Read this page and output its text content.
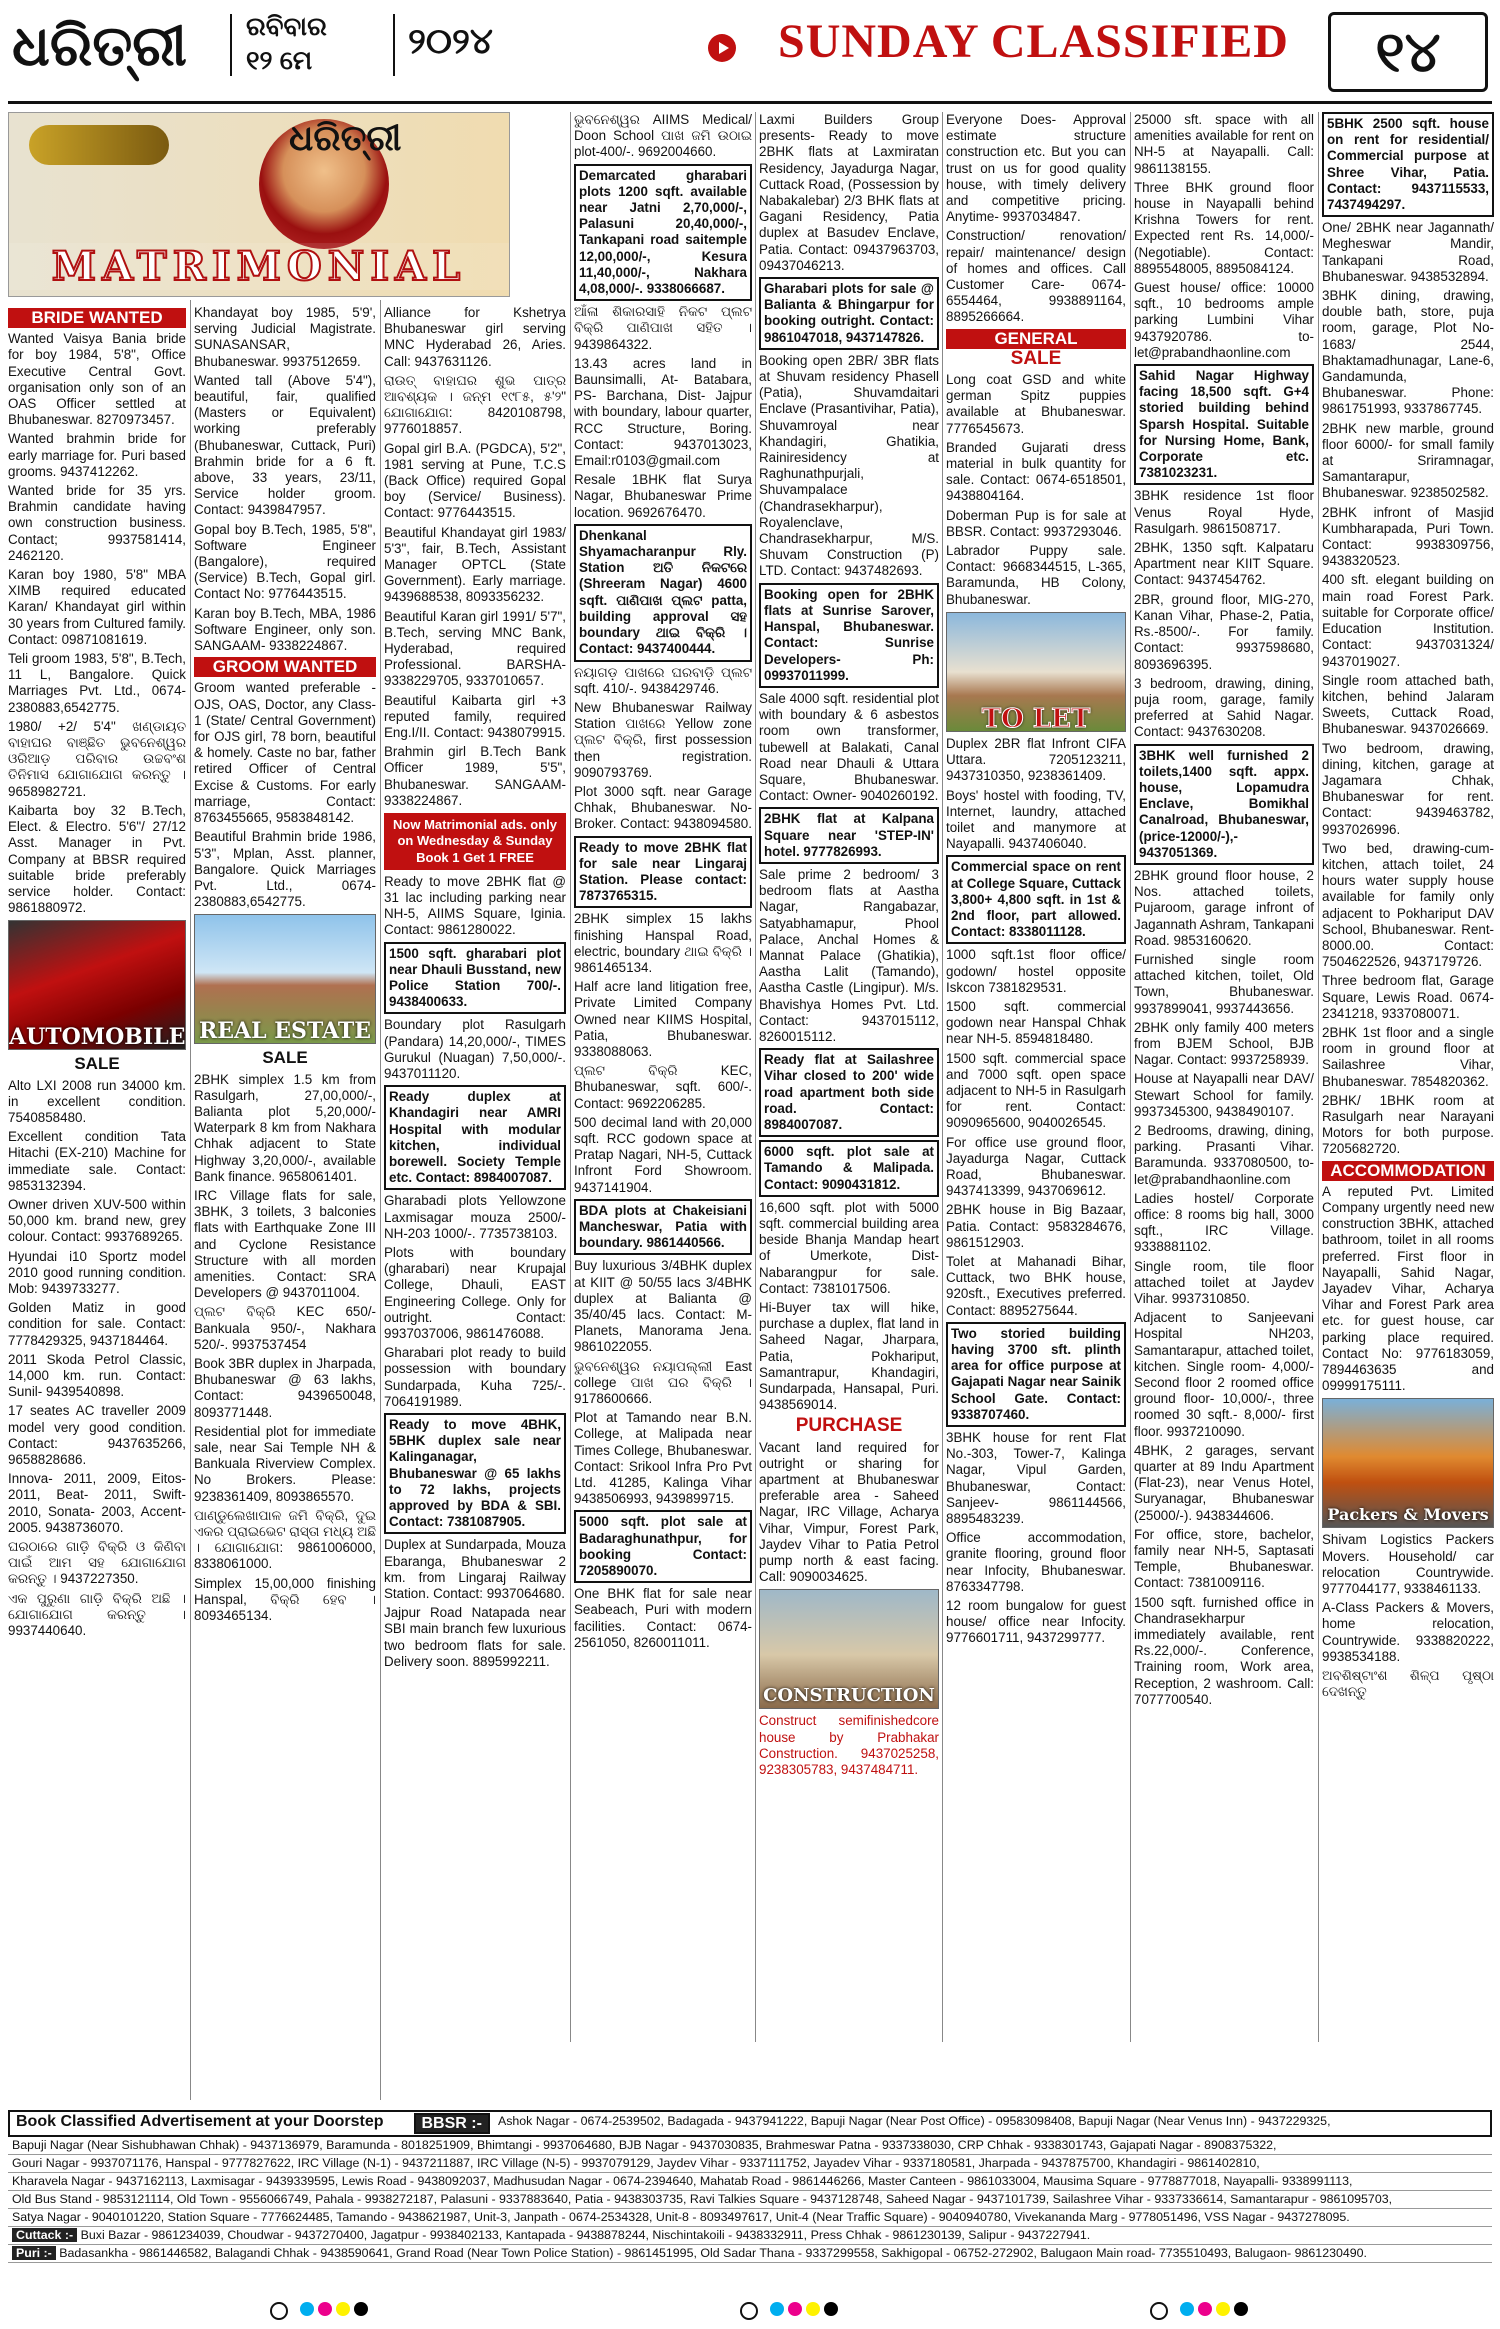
ଧରିତ୍ରୀ ରବିବାର
୧୨ ମେ	୨୦୨୪	SUNDAY CLASSIFIED	୧୪
ଧରିତ୍ରୀ
MATRIMONIAL
BRIDE WANTED

Wanted Vaisya Bania bride for boy 1984, 5'8", Office Executive Central Govt. organisation only son of an OAS Officer settled at Bhubaneswar. 8270973457.

Wanted brahmin bride for early marriage for. Puri based grooms. 9437412262.

Wanted bride for 35 yrs. Brahmin candidate having own construction business. Contact; 9937581414, 2462120.

Karan boy 1980, 5'8" MBA XIMB required educated Karan/ Khandayat girl within 30 years from Cultured family. Contact: 09871081619.

Teli groom 1983, 5'8", B.Tech, 11 L, Bangalore. Quick Marriages Pvt. Ltd., 0674-2380883,6542775.

1980/ +2/ 5'4" ଖଣ୍ଡାୟତ ବାହାଘର ବାଞ୍ଛିତ ଭୁବନେଶ୍ୱର ଓରିଆଡ଼ ପରିବାର ଉଚ୍ଚବଂଶ ତିନିମାସ ଯୋଗାଯୋଗ କରନ୍ତୁ । 9658982721.

Kaibarta boy 32 B.Tech, Elect. & Electro. 5'6"/ 27/12 Asst. Manager in Pvt. Company at BBSR required suitable bride preferably service holder. Contact: 9861880972.

AUTOMOBILE
SALE

Alto LXI 2008 run 34000 km. in excellent condition. 7540858480.

Excellent condition Tata Hitachi (EX-210) Machine for immediate sale. Contact: 9853132394.

Owner driven XUV-500 within 50,000 km. brand new, grey colour. Contact: 9937689265.

Hyundai i10 Sportz model 2010 good running condition. Mob: 9439733277.

Golden Matiz in good condition for sale. Contact: 7778429325, 9437184464.

2011 Skoda Petrol Classic, 14,000 km. run. Contact: Sunil- 9439540898.

17 seates AC traveller 2009 model very good condition. Contact: 9437635266, 9658828686.

Innova- 2011, 2009, Eitos- 2011, Beat- 2011, Swift- 2010, Sonata- 2003, Accent- 2005. 9438736070.

ଘରଠାରେ ଗାଡ଼ି ବିକ୍ରି ଓ କିଣିବା ପାଇଁ ଆମ ସହ ଯୋଗାଯୋଗ କରନ୍ତୁ । 9437227350.

ଏକ ପୁରୁଣା ଗାଡ଼ି ବିକ୍ରି ଅଛି । ଯୋଗାଯୋଗ କରନ୍ତୁ । 9937440640.

Khandayat boy 1985, 5'9', serving Judicial Magistrate. SUNASANSAR, Bhubaneswar. 9937512659.

Wanted tall (Above 5'4"), beautiful, fair, qualified (Masters or Equivalent) working preferably (Bhubaneswar, Cuttack, Puri) Brahmin bride for a 6 ft. above, 33 years, 23/11, Service holder groom. Contact: 9439847957.

Gopal boy B.Tech, 1985, 5'8", Software Engineer (Bangalore), required (Service) B.Tech, Gopal girl. Contact No: 9776443515.

Karan boy B.Tech, MBA, 1986 Software Engineer, only son. SANGAAM- 9338224867.

GROOM WANTED

Groom wanted preferable - OJS, OAS, Doctor, any Class-1 (State/ Central Government) for OJS girl, 78 born, beautiful & homely. Caste no bar, father retired Officer of Central Excise & Customs. For early marriage, Contact: 8763455665, 9583848142.

Beautiful Brahmin bride 1986, 5'3", Mplan, Asst. planner, Bangalore. Quick Marriages Pvt. Ltd., 0674-2380883,6542775.

REAL ESTATE
SALE

2BHK simplex 1.5 km from Rasulgarh, 27,00,000/-, Balianta plot 5,20,000/- Waterpark 8 km from Nakhara Chhak adjacent to State Highway 3,20,000/-, available Bank finance. 9658061401.

IRC Village flats for sale, 3BHK, 3 toilets, 3 balconies flats with Earthquake Zone III and Cyclone Resistance Structure with all morden amenities. Contact: SRA Developers @ 9437011004.

ପ୍ଲଟ ବିକ୍ରି KEC 650/- Bankuala 950/-, Nakhara 520/-. 9937537454

Book 3BR duplex in Jharpada, Bhubaneswar @ 63 lakhs, Contact: 9439650048, 8093771448.

Residential plot for immediate sale, near Sai Temple NH & Bankuala Riverview Complex. No Brokers. Please: 9238361409, 8093865570.

ପାଣ୍ଡୁଲେଖାପାଳ ଜମି ବିକ୍ରି, ଦୁଇ ଏକର ପ୍ରାଇଭେଟ ରାସ୍ତା ମଧ୍ୟ ଅଛି । ଯୋଗାଯୋଗ: 9861006000, 8338061000.

Simplex 15,00,000 finishing Hanspal, ବିକ୍ରି ହେବ । 8093465134.

Alliance for Kshetrya Bhubaneswar girl serving MNC Hyderabad 26, Aries. Call: 9437631126.

ରାଉତ୍‌ ବାହାଘର ଶୁଭ ପାତ୍ର ଆବଶ୍ୟକ । ଜନ୍ମ ୧୯୮୫, ୫'୨" ଯୋଗାଯୋଗ: 8420108798, 9776018857.

Gopal girl B.A. (PGDCA), 5'2", 1981 serving at Pune, T.C.S (Back Office) required Gopal boy (Service/ Business). Contact: 9776443515.

Beautiful Khandayat girl 1983/ 5'3", fair, B.Tech, Assistant Manager OPTCL (State Government). Early marriage. 9439688538, 8093356232.

Beautiful Karan girl 1991/ 5'7", B.Tech, serving MNC Bank, Hyderabad, required Professional. BARSHA- 9338229705, 9337010657.

Beautiful Kaibarta girl +3 reputed family, required Eng.I/II. Contact: 9438079915.

Brahmin girl B.Tech Bank Officer 1989, 5'5", Bhubaneswar. SANGAAM- 9338224867.

Now Matrimonial ads. only on Wednesday & Sunday Book 1 Get 1 FREE

Ready to move 2BHK flat @ 31 lac including parking near NH-5, AIIMS Square, Iginia. Contact: 9861280022.

1500 sqft. gharabari plot near Dhauli Busstand, new Police Station 700/-. 9438400633.

Boundary plot Rasulgarh (Pandara) 14,20,000/-, TIMES Gurukul (Nuagan) 7,50,000/-. 9437011120.

Ready duplex at Khandagiri near AMRI Hospital with modular kitchen, individual borewell. Society Temple etc. Contact: 8984007087.

Gharabadi plots Yellowzone Laxmisagar mouza 2500/- NH-203 1000/-. 7735738103.

Plots with boundary (gharabari) near Krupajal College, Dhauli, EAST Engineering College. Only for outright. Contact: 9937037006, 9861476088.

Gharabari plot ready to build possession with boundary Sundarpada, Kuha 725/-. 7064191989.

Ready to move 4BHK, 5BHK duplex sale near Kalinganagar, Bhubaneswar @ 65 lakhs to 72 lakhs, projects approved by BDA & SBI. Contact: 7381087905.

Duplex at Sundarpada, Mouza Ebaranga, Bhubaneswar 2 km. from Lingaraj Railway Station. Contact: 9937064680.

Jajpur Road Natapada near SBI main branch few luxurious two bedroom flats for sale. Delivery soon. 8895992211.

ଭୁବନେଶ୍ୱର AIIMS Medical/ Doon School ପାଖ ଜମି ଉଠାଇ plot-400/-. 9692004660.

Demarcated gharabari plots 1200 sqft. available near Jatni 2,70,000/-, Palasuni 20,40,000/-, Tankapani road saitemple 12,00,000/-, Kesura 11,40,000/-, Nakhara 4,08,000/-. 9338066687.

ଆଁଳା ଶିକାରସାହି ନିକଟ ପ୍ଲଟ ବିକ୍ରି ପାଣିପାଖ ସହିତ । 9439864322.

13.43 acres land in Baunsimalli, At- Batabara, PS- Barchana, Dist- Jajpur with boundary, labour quarter, RCC Structure, Boring. Contact: 9437013023, Email:r0103@gmail.com

Resale 1BHK flat Surya Nagar, Bhubaneswar Prime location. 9692676470.

Dhenkanal Shyamacharanpur Rly. Station ଅତି ନିକଟରେ (Shreeram Nagar) 4600 sqft. ପାଣିପାଖ ପ୍ଲଟ patta, building approval ସହ boundary ଥାଇ ବିକ୍ରି । Contact: 9437400444.

ନୟାଗଡ଼ ପାଖରେ ଘରବାଡ଼ି ପ୍ଲଟ sqft. 410/-. 9438429746.

New Bhubaneswar Railway Station ପାଖରେ Yellow zone ପ୍ଲଟ ବିକ୍ରି, first possession then registration. 9090793769.

Plot 3000 sqft. near Garage Chhak, Bhubaneswar. No- Broker. Contact: 9438094580.

Ready to move 2BHK flat for sale near Lingaraj Station. Please contact: 7873765315.

2BHK simplex 15 lakhs finishing Hanspal Road, electric, boundary ଥାଇ ବିକ୍ରି । 9861465134.

Half acre land litigation free, Private Limited Company Owned near KIIMS Hospital, Patia, Bhubaneswar. 9338088063.

ପ୍ଲଟ ବିକ୍ରି KEC, Bhubaneswar, sqft. 600/-. Contact: 9692206285.

500 decimal land with 20,000 sqft. RCC godown space at Pratap Nagari, NH-5, Cuttack Infront Ford Showroom. 9437141904.

BDA plots at Chakeisiani Mancheswar, Patia with boundary. 9861440566.

Buy luxurious 3/4BHK duplex at KIIT @ 50/55 lacs 3/4BHK duplex at Balianta @ 35/40/45 lacs. Contact: M-Planets, Manorama Jena. 9861022055.

ଭୁବନେଶ୍ୱର ନୟାପଲ୍ଲୀ East college ପାଖ ଘର ବିକ୍ରି । 9178600666.

Plot at Tamando near B.N. College, at Malipada near Times College, Bhubaneswar. Contact: Srikool Infra Pro Pvt Ltd. 41285, Kalinga Vihar 9438506993, 9439899715.

5000 sqft. plot sale at Badaraghunathpur, for booking Contact: 7205890070.

One BHK flat for sale near Seabeach, Puri with modern facilities. Contact: 0674-2561050, 8260011011.

Laxmi Builders Group presents- Ready to move 2BHK flats at Laxmiratan Residency, Jayadurga Nagar, Cuttack Road, (Possession by Nabakalebar) 2/3 BHK flats at Gagani Residency, Patia duplex at Basudev Enclave, Patia. Contact: 09437963703, 09437046213.

Gharabari plots for sale @ Balianta & Bhingarpur for booking outright. Contact: 9861047018, 9437147826.

Booking open 2BR/ 3BR flats at Shuvam residency Phasell (Patia), Shuvamdaitari Enclave (Prasantivihar, Patia), Shuvamroyal near Khandagiri, Ghatikia, Rainiresidency at Raghunathpurjali, Shuvampalace (Chandrasekharpur), Royalenclave, Chandrasekharpur, M/S. Shuvam Construction (P) LTD. Contact: 9437482693.

Booking open for 2BHK flats at Sunrise Sarover, Hanspal, Bhubaneswar. Contact: Sunrise Developers- Ph: 09937011999.

Sale 4000 sqft. residential plot with boundary & 6 asbestos room own transformer, tubewell at Balakati, Canal Road near Dhauli & Uttara Square, Bhubaneswar. Contact: Owner- 9040260192.

2BHK flat at Kalpana Square near 'STEP-IN' hotel. 9777826993.

Sale prime 2 bedroom/ 3 bedroom flats at Aastha Nagar, Rangabazar, Satyabhamapur, Phool Palace, Anchal Homes & Mannat Palace (Ghatikia), Aastha Lalit (Tamando), Aastha Castle (Lingipur). M/s. Bhavishya Homes Pvt. Ltd. Contact: 9437015112, 8260015112.

Ready flat at Sailashree Vihar closed to 200' wide road apartment both side road. Contact: 8984007087.

6000 sqft. plot sale at Tamando & Malipada. Contact: 9090431812.

16,600 sqft. plot with 5000 sqft. commercial building area beside Bhanja Mandap heart of Umerkote, Dist- Nabarangpur for sale. Contact: 7381017506.

Hi-Buyer tax will hike, purchase a duplex, flat land in Saheed Nagar, Jharpara, Patia, Pokhariput, Samantrapur, Khandagiri, Sundarpada, Hansapal, Puri. 9438569014.

PURCHASE

Vacant land required for outright or sharing for apartment at Bhubaneswar preferable area - Saheed Nagar, IRC Village, Acharya Vihar, Vimpur, Forest Park, Jaydev Vihar to Patia Petrol pump north & east facing. Call: 9090034625.

CONSTRUCTION

Construct semifinishedcore house by Prabhakar Construction. 9437025258, 9238305783, 9437484711.

Everyone Does- Approval estimate structure construction etc. But you can trust on us for good quality house, with timely delivery and competitive pricing. Anytime- 9937034847.

Construction/ renovation/ repair/ maintenance/ design of homes and offices. Call Customer Care- 0674-6554464, 9938891164, 8895266664.

GENERAL
SALE

Long coat GSD and white german Spitz puppies available at Bhubaneswar. 7776545673.

Branded Gujarati dress material in bulk quantity for sale. Contact: 0674-6518501, 9438804164.

Doberman Pup is for sale at BBSR. Contact: 9937293046.

Labrador Puppy sale. Contact: 9668344515, L-365, Baramunda, HB Colony, Bhubaneswar.

TO LET

Duplex 2BR flat Infront CIFA Uttara. 7205123211, 9437310350, 9238361409.

Boys' hostel with fooding, TV, Internet, laundry, attached toilet and manymore at Nayapalli. 9437406040.

Commercial space on rent at College Square, Cuttack 3,800+ 4,800 sqft. in 1st & 2nd floor, part allowed. Contact: 8338011128.

1000 sqft.1st floor office/ godown/ hostel opposite Iskcon 7381829531.

1500 sqft. commercial godown near Hanspal Chhak near NH-5. 8594818480.

1500 sqft. commercial space and 7000 sqft. open space adjacent to NH-5 in Rasulgarh for rent. Contact: 9090965600, 9040026545.

For office use ground floor, Jayadurga Nagar, Cuttack Road, Bhubaneswar. 9437413399, 9437069612.

2BHK house in Big Bazaar, Patia. Contact: 9583284676, 9861512903.

Tolet at Mahanadi Bihar, Cuttack, two BHK house, 920sft., Executives preferred. Contact: 8895275644.

Two storied building having 3700 sft. plinth area for office purpose at Gajapati Nagar near Sainik School Gate. Contact: 9338707460.

3BHK house for rent Flat No.-303, Tower-7, Kalinga Nagar, Vipul Garden, Bhubaneswar, Contact: Sanjeev- 9861144566, 8895483239.

Office accommodation, granite flooring, ground floor near Infocity, Bhubaneswar. 8763347798.

12 room bungalow for guest house/ office near Infocity. 9776601711, 9437299777.

25000 sft. space with all amenities available for rent on NH-5 at Nayapalli. Call: 9861138155.

Three BHK ground floor house in Nayapalli behind Krishna Towers for rent. Expected rent Rs. 14,000/- (Negotiable). Contact: 8895548005, 8895084124.

Guest house/ office: 10000 sqft., 10 bedrooms ample parking Lumbini Vihar 9437920786. to-let@prabandhaonline.com

Sahid Nagar Highway facing 18,500 sqft. G+4 storied building behind Sparsh Hospital. Suitable for Nursing Home, Bank, Corporate etc. 7381023231.

3BHK residence 1st floor Venus Royal Hyde, Rasulgarh. 9861508717.

2BHK, 1350 sqft. Kalpataru Apartment near KIIT Square. Contact: 9437454762.

2BR, ground floor, MIG-270, Kanan Vihar, Phase-2, Patia, Rs.-8500/-. For family. Contact: 9937598680, 8093696395.

3 bedroom, drawing, dining, puja room, garage, family preferred at Sahid Nagar. Contact: 9437630208.

3BHK well furnished 2 toilets,1400 sqft. appx. house, Lopamudra Enclave, Bomikhal Canalroad, Bhubaneswar, (price-12000/-),- 9437051369.

2BHK ground floor house, 2 Nos. attached toilets, Pujaroom, garage infront of Jagannath Ashram, Tankapani Road. 9853160620.

Furnished single room attached kitchen, toilet, Old Town, Bhubaneswar. 9937899041, 9937443656.

2BHK only family 400 meters from BJEM School, BJB Nagar. Contact: 9937258939.

House at Nayapalli near DAV/ Stewart School for family. 9937345300, 9438490107.

2 Bedrooms, drawing, dining, parking. Prasanti Vihar. Baramunda. 9337080500, to-let@prabandhaonline.com

Ladies hostel/ Corporate office: 8 rooms big hall, 3000 sqft., IRC Village. 9338881102.

Single room, tile floor attached toilet at Jaydev Vihar. 9937310850.

Adjacent to Sanjeevani Hospital NH203, Samantarapur, attached toilet, kitchen. Single room- 4,000/- Second floor 2 roomed office ground floor- 10,000/-, three roomed 30 sqft.- 8,000/- first floor. 9937210090.

4BHK, 2 garages, servant quarter at 89 Indu Apartment (Flat-23), near Venus Hotel, Suryanagar, Bhubaneswar (25000/-). 9438344606.

For office, store, bachelor, family near NH-5, Saptasati Temple, Bhubaneswar. Contact: 7381009116.

1500 sqft. furnished office in Chandrasekharpur immediately available, rent Rs.22,000/-. Conference, Training room, Work area, Reception, 2 washroom. Call: 7077700540.

5BHK 2500 sqft. house on rent for residential/ Commercial purpose at Shree Vihar, Patia. Contact: 9437115533, 7437494297.

One/ 2BHK near Jagannath/ Megheswar Mandir, Tankapani Road, Bhubaneswar. 9438532894.

3BHK dining, drawing, double bath, store, puja room, garage, Plot No- 1683/ 2544, Bhaktamadhunagar, Lane-6, Gandamunda, Bhubaneswar. Phone: 9861751993, 9337867745.

2BHK new marble, ground floor 6000/- for small family at Sriramnagar, Samantarapur, Bhubaneswar. 9238502582.

2BHK infront of Masjid Kumbharapada, Puri Town. Contact: 9938309756, 9438320523.

400 sft. elegant building on main road Forest Park. suitable for Corporate office/ Education Institution. Contact: 9437031324/ 9437019027.

Single room attached bath, kitchen, behind Jalaram Sweets, Cuttack Road, Bhubaneswar. 9437026669.

Two bedroom, drawing, dining, kitchen, garage at Jagamara Chhak, Bhubaneswar for rent. Contact: 9439463782, 9937026996.

Two bed, drawing-cum-kitchen, attach toilet, 24 hours water supply house available for family only adjacent to Pokhariput DAV School, Bhubaneswar. Rent- 8000.00. Contact: 7504622526, 9437179726.

Three bedroom flat, Garage Square, Lewis Road. 0674- 2341218, 9337080071.

2BHK 1st floor and a single room in ground floor at Sailashree Vihar, Bhubaneswar. 7854820362.

2BHK/ 1BHK room at Rasulgarh near Narayani Motors for both purpose. 7205682720.

ACCOMMODATION

A reputed Pvt. Limited Company urgently need new construction 3BHK, attached bathroom, toilet in all rooms preferred. First floor in Nayapalli, Sahid Nagar, Jayadev Vihar, Acharya Vihar and Forest Park area etc. for guest house, car parking place required. Contact No: 9776183059, 7894463635 and 09999175111.

Packers & Movers

Shivam Logistics Packers Movers. Household/ car relocation Countrywide. 9777044177, 9338461133.

A-Class Packers & Movers, home relocation, Countrywide. 9338820222, 9938534188.

ଅବଶିଷ୍ଟାଂଶ ଶିଳ୍ପ ପୃଷ୍ଠା ଦେଖନ୍ତୁ

Book Classified Advertisement at your Doorstep	BBSR :-	Ashok Nagar - 0674-2539502, Badagada - 9437941222, Bapuji Nagar (Near Post Office) - 09583098408, Bapuji Nagar (Near Venus Inn) - 9437229325,
Bapuji Nagar (Near Sishubhawan Chhak) - 9437136979, Baramunda - 8018251909, Bhimtangi - 9937064680, BJB Nagar - 9437030835, Brahmeswar Patna - 9337338030, CRP Chhak - 9338301743, Gajapati Nagar - 8908375322,
Gouri Nagar - 9937071176, Hanspal - 9777827622, IRC Village (N-1) - 9437211887, IRC Village (N-5) - 9937079129, Jaydev Vihar - 9337111752, Jayadev Vihar - 9337180581, Jharpada - 9437875700, Khandagiri - 9861402810,
Kharavela Nagar - 9437162113, Laxmisagar - 9439339595, Lewis Road - 9438092037, Madhusudan Nagar - 0674-2394640, Mahatab Road - 9861446266, Master Canteen - 9861033004, Mausima Square - 9778877018, Nayapalli- 9338991113,
Old Bus Stand - 9853121114, Old Town - 9556066749, Pahala - 9938272187, Palasuni - 9337883640, Patia - 9438303735, Ravi Talkies Square - 9437128748, Saheed Nagar - 9437101739, Sailashree Vihar - 9337336614, Samantarapur - 9861095703,
Satya Nagar - 9040101220, Station Square - 7776624485, Tamando - 9438621987, Unit-3, Janpath - 0674-2534328, Unit-8 - 8093497617, Unit-4 (Near Traffic Square) - 9040940780, Vivekananda Marg - 9778051496, VSS Nagar - 9437278095.
Cuttack :- Buxi Bazar - 9861234039, Choudwar - 9437270400, Jagatpur - 9938402133, Kantapada - 9438878244, Nischintakoili - 9438332911, Press Chhak - 9861230139, Salipur - 9437227941.
Puri :- Badasankha - 9861446582, Balagandi Chhak - 9438590641, Grand Road (Near Town Police Station) - 9861451995, Old Sadar Thana - 9337299558, Sakhigopal - 06752-272902, Balugaon Main road- 7735510493, Balugaon- 9861230490.
